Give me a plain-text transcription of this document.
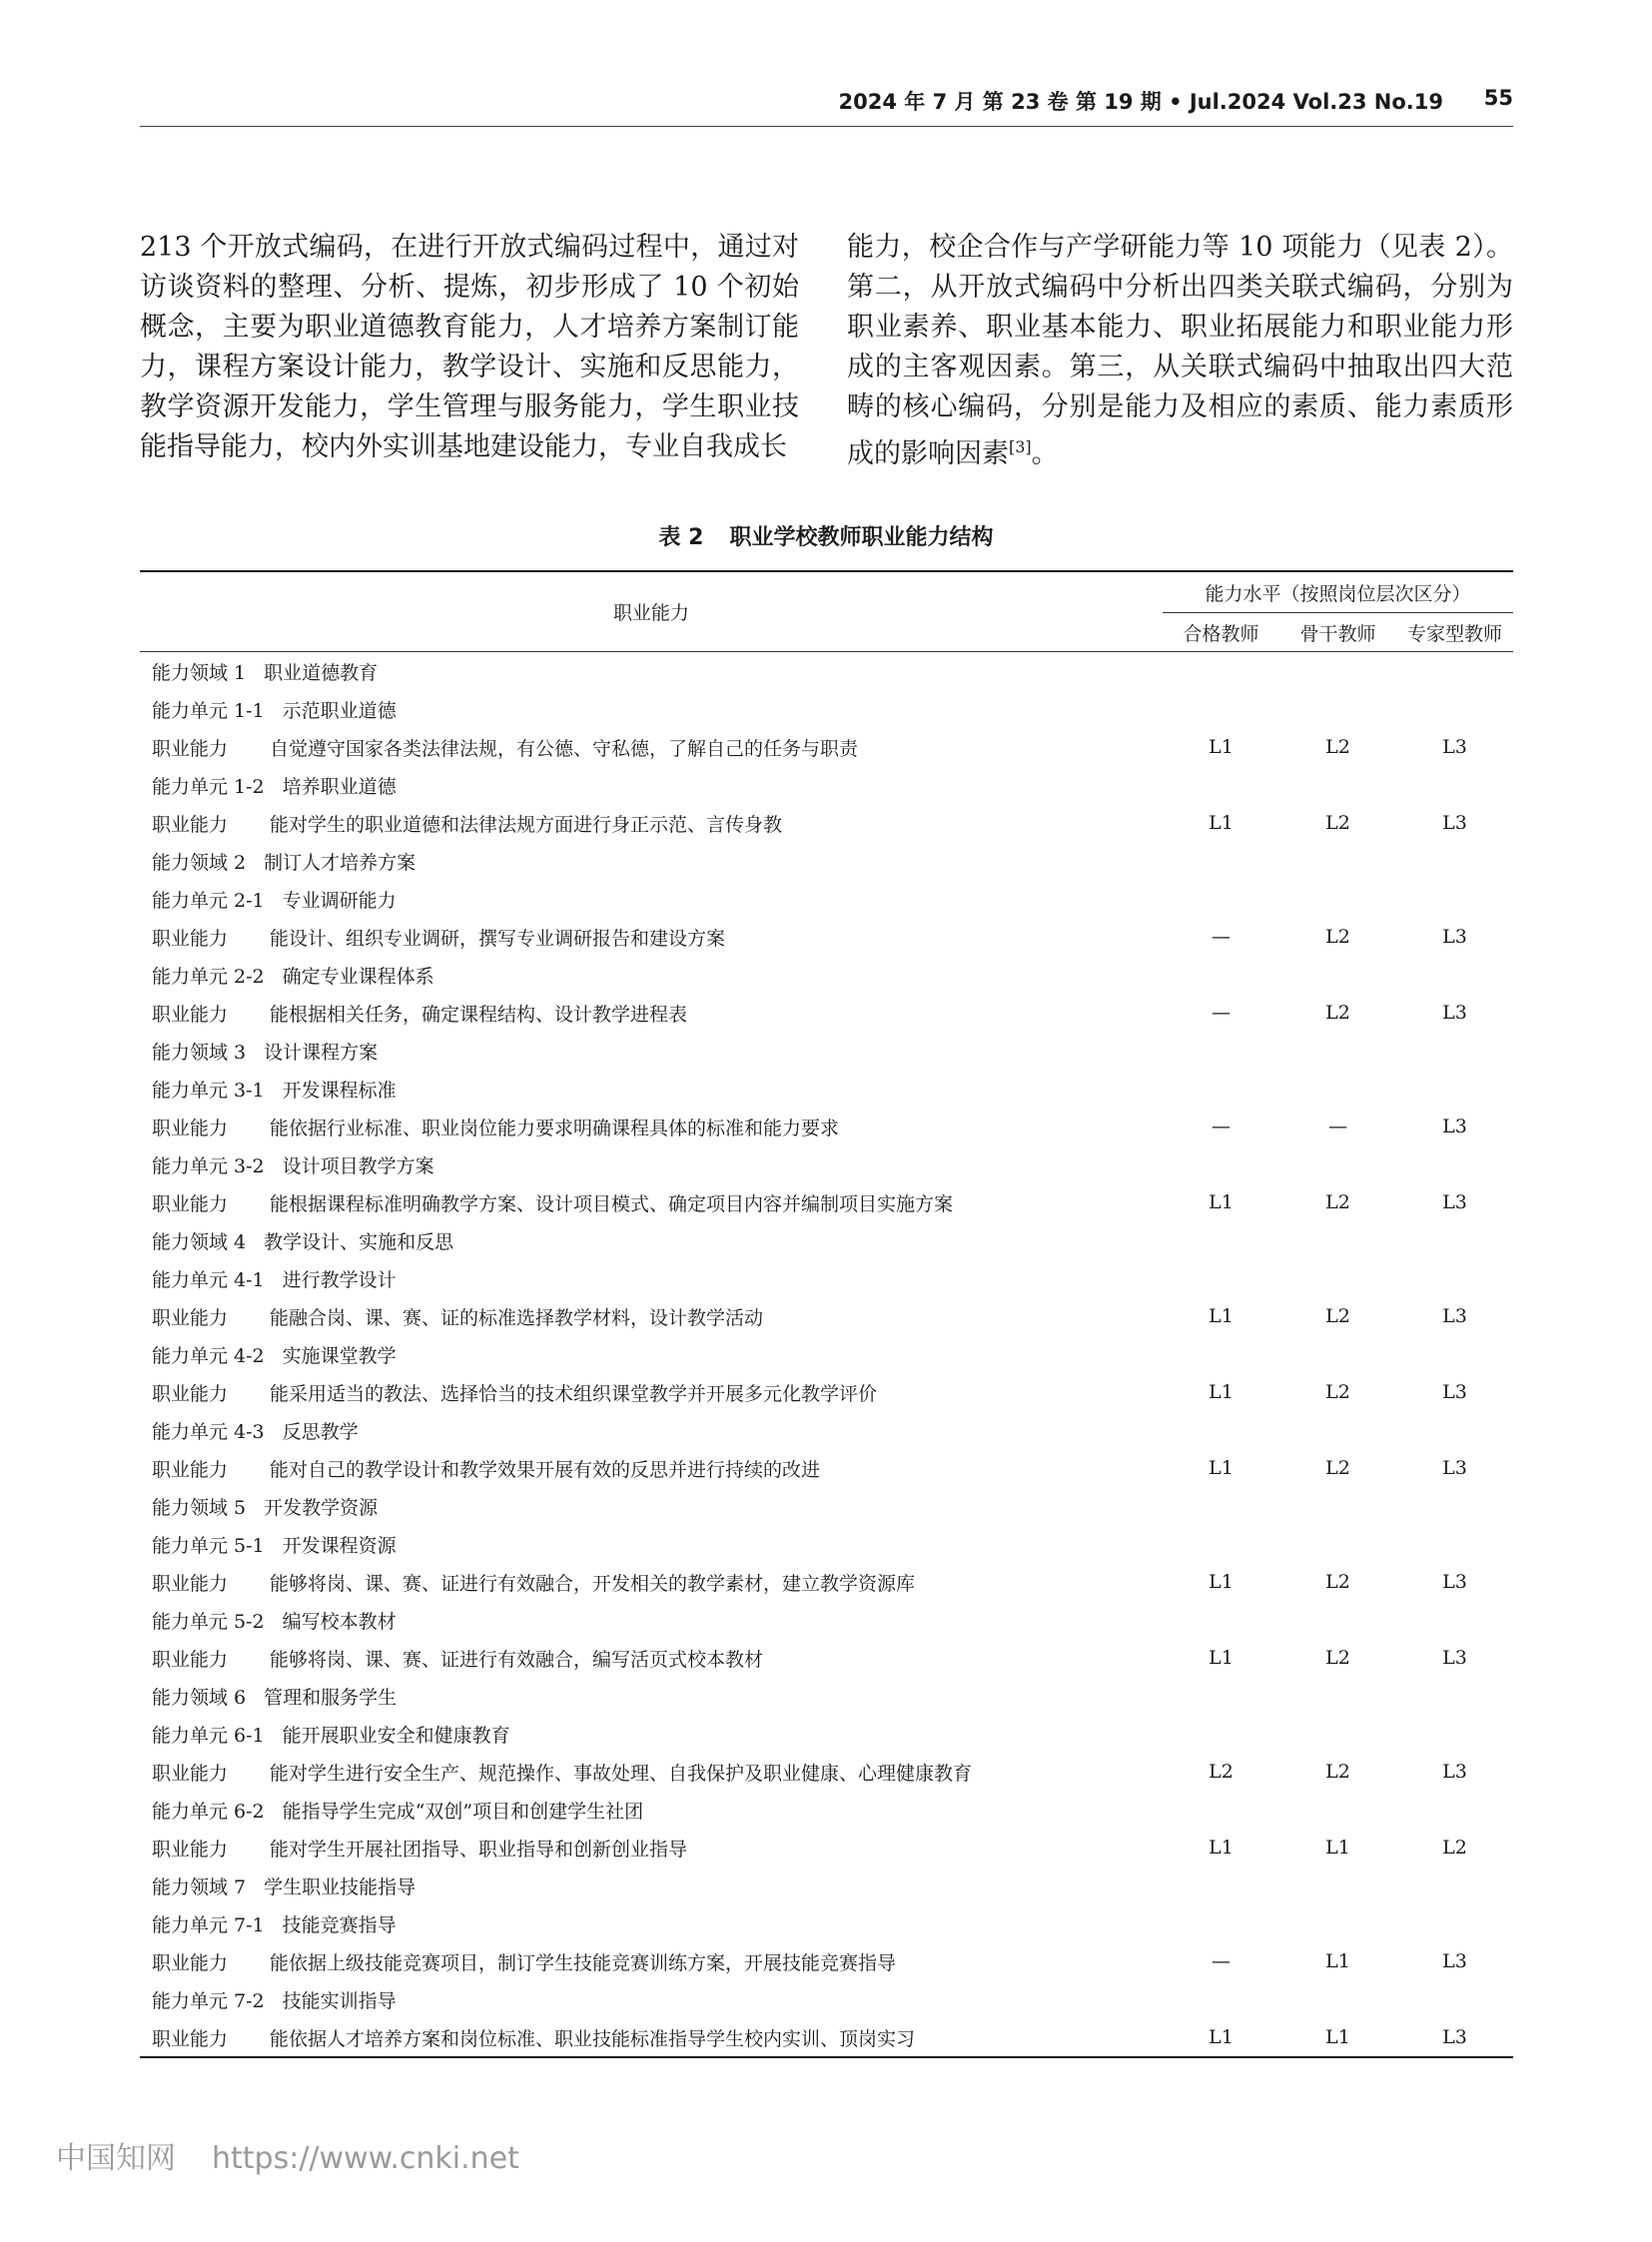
2024 年 7 月 第 23 卷 第 19 期 • Jul.2024 Vol.23 No.19 55

213 个开放式编码，在进行开放式编码过程中，通过对访谈资料的整理、分析、提炼，初步形成了 10 个初始概念，主要为职业道德教育能力，人才培养方案制订能力，课程方案设计能力，教学设计、实施和反思能力，教学资源开发能力，学生管理与服务能力，学生职业技能指导能力，校内外实训基地建设能力，专业自我成长

能力，校企合作与产学研能力等 10 项能力（见表 2）。第二，从开放式编码中分析出四类关联式编码，分别为职业素养、职业基本能力、职业拓展能力和职业能力形成的主客观因素。第三，从关联式编码中抽取出四大范畴的核心编码，分别是能力及相应的素质、能力素质形成的影响因素[3]。

表 2 职业学校教师职业能力结构
职业能力	能力水平（按照岗位层次区分）		
	合格教师	骨干教师	专家型教师
能力领域 1 职业道德教育			
能力单元 1-1 示范职业道德			
职业能力 自觉遵守国家各类法律法规，有公德、守私德，了解自己的任务与职责	L1	L2	L3
能力单元 1-2 培养职业道德			
职业能力 能对学生的职业道德和法律法规方面进行身正示范、言传身教	L1	L2	L3
能力领域 2 制订人才培养方案			
能力单元 2-1 专业调研能力			
职业能力 能设计、组织专业调研，撰写专业调研报告和建设方案	—	L2	L3
能力单元 2-2 确定专业课程体系			
职业能力 能根据相关任务，确定课程结构、设计教学进程表	—	L2	L3
能力领域 3 设计课程方案			
能力单元 3-1 开发课程标准			
职业能力 能依据行业标准、职业岗位能力要求明确课程具体的标准和能力要求	—	—	L3
能力单元 3-2 设计项目教学方案			
职业能力 能根据课程标准明确教学方案、设计项目模式、确定项目内容并编制项目实施方案	L1	L2	L3
能力领域 4 教学设计、实施和反思			
能力单元 4-1 进行教学设计			
职业能力 能融合岗、课、赛、证的标准选择教学材料，设计教学活动	L1	L2	L3
能力单元 4-2 实施课堂教学			
职业能力 能采用适当的教法、选择恰当的技术组织课堂教学并开展多元化教学评价	L1	L2	L3
能力单元 4-3 反思教学			
职业能力 能对自己的教学设计和教学效果开展有效的反思并进行持续的改进	L1	L2	L3
能力领域 5 开发教学资源			
能力单元 5-1 开发课程资源			
职业能力 能够将岗、课、赛、证进行有效融合，开发相关的教学素材，建立教学资源库	L1	L2	L3
能力单元 5-2 编写校本教材			
职业能力 能够将岗、课、赛、证进行有效融合，编写活页式校本教材	L1	L2	L3
能力领域 6 管理和服务学生			
能力单元 6-1 能开展职业安全和健康教育			
职业能力 能对学生进行安全生产、规范操作、事故处理、自我保护及职业健康、心理健康教育	L2	L2	L3
能力单元 6-2 能指导学生完成“双创”项目和创建学生社团			
职业能力 能对学生开展社团指导、职业指导和创新创业指导	L1	L1	L2
能力领域 7 学生职业技能指导			
能力单元 7-1 技能竞赛指导			
职业能力 能依据上级技能竞赛项目，制订学生技能竞赛训练方案，开展技能竞赛指导	—	L1	L3
能力单元 7-2 技能实训指导			
职业能力 能依据人才培养方案和岗位标准、职业技能标准指导学生校内实训、顶岗实习	L1	L1	L3
中国知网 https://www.cnki.net
